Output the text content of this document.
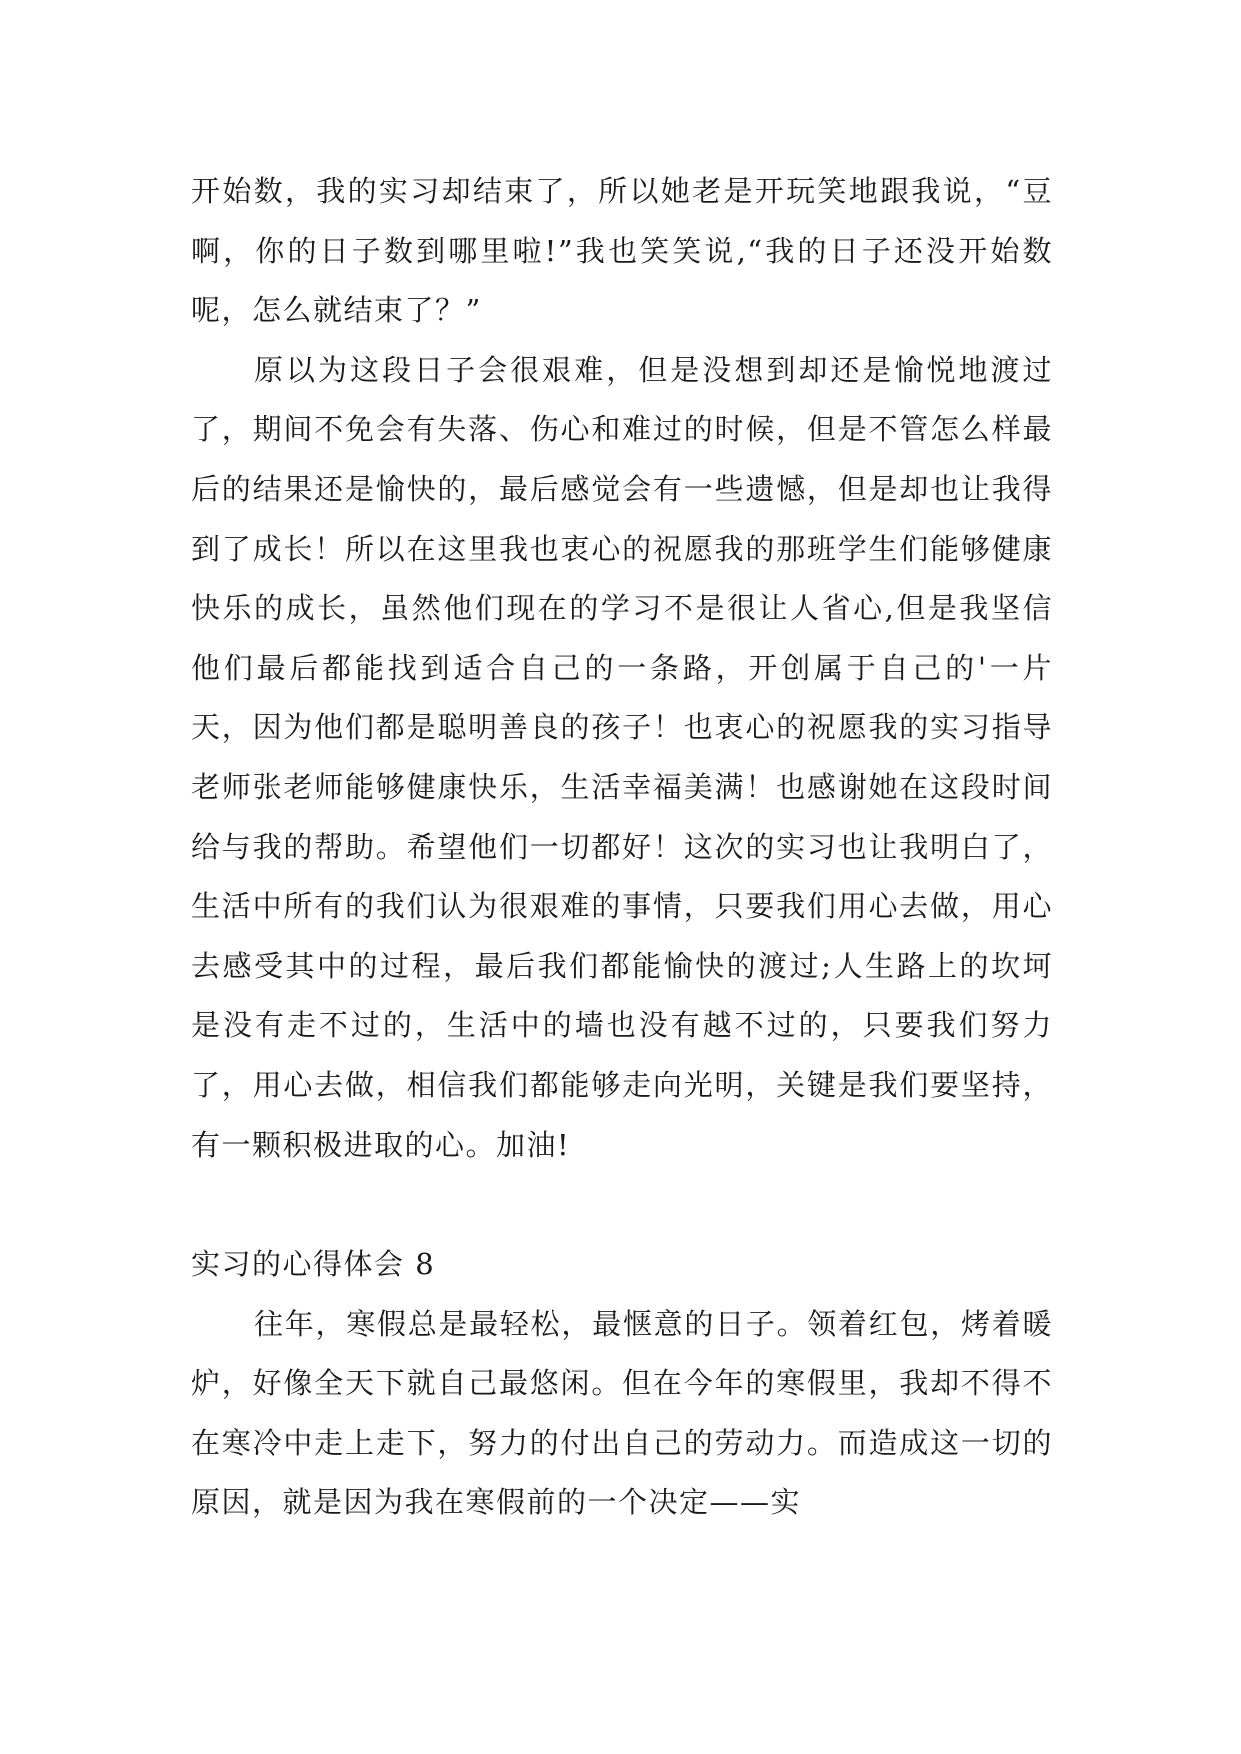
开始数，我的实习却结束了，所以她老是开玩笑地跟我说，“豆啊，你的日子数到哪里啦!”我也笑笑说,“我的日子还没开始数呢，怎么就结束了？”

原以为这段日子会很艰难，但是没想到却还是愉悦地渡过了，期间不免会有失落、伤心和难过的时候，但是不管怎么样最后的结果还是愉快的，最后感觉会有一些遗憾，但是却也让我得到了成长！所以在这里我也衷心的祝愿我的那班学生们能够健康快乐的成长，虽然他们现在的学习不是很让人省心,但是我坚信他们最后都能找到适合自己的一条路，开创属于自己的'一片天，因为他们都是聪明善良的孩子！也衷心的祝愿我的实习指导老师张老师能够健康快乐，生活幸福美满！也感谢她在这段时间给与我的帮助。希望他们一切都好！这次的实习也让我明白了，生活中所有的我们认为很艰难的事情，只要我们用心去做，用心去感受其中的过程，最后我们都能愉快的渡过;人生路上的坎坷是没有走不过的，生活中的墙也没有越不过的，只要我们努力了，用心去做，相信我们都能够走向光明，关键是我们要坚持，有一颗积极进取的心。加油!

实习的心得体会 8

往年，寒假总是最轻松，最惬意的日子。领着红包，烤着暖炉，好像全天下就自己最悠闲。但在今年的寒假里，我却不得不在寒冷中走上走下，努力的付出自己的劳动力。而造成这一切的原因，就是因为我在寒假前的一个决定——实
